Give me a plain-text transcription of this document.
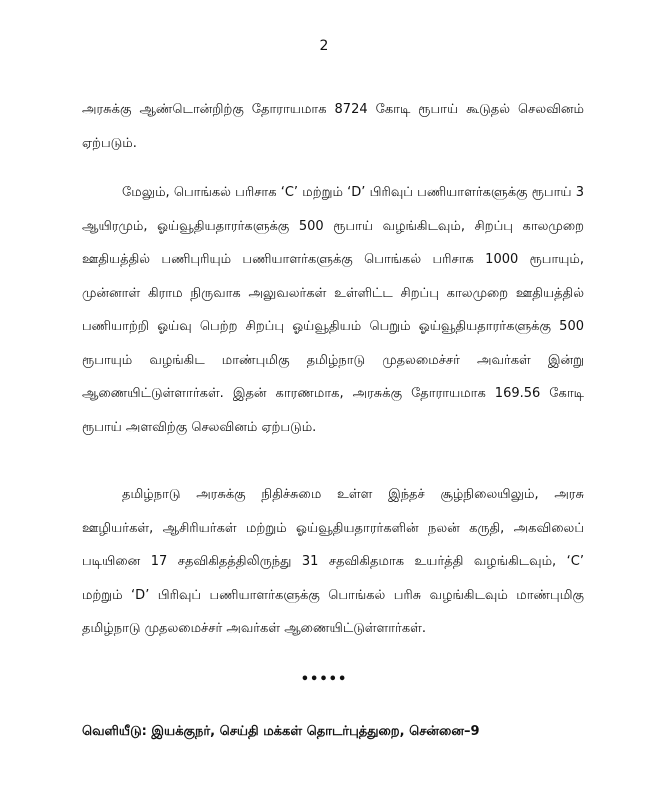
2

அரசுக்கு ஆண்டொன்றிற்கு தோராயமாக 8724 கோடி ரூபாய் கூடுதல் செலவினம் ஏற்படும்.

மேலும், பொங்கல் பரிசாக ‘C’ மற்றும் ‘D’ பிரிவுப் பணியாளர்களுக்கு ரூபாய் 3 ஆயிரமும், ஓய்வூதியதாரர்களுக்கு 500 ரூபாய் வழங்கிடவும், சிறப்பு காலமுறை ஊதியத்தில் பணிபுரியும் பணியாளர்களுக்கு பொங்கல் பரிசாக 1000 ரூபாயும், முன்னாள் கிராம நிருவாக அலுவலர்கள் உள்ளிட்ட சிறப்பு காலமுறை ஊதியத்தில் பணியாற்றி ஓய்வு பெற்ற சிறப்பு ஓய்வூதியம் பெறும் ஓய்வூதியதாரர்களுக்கு 500 ரூபாயும் வழங்கிட மாண்புமிகு தமிழ்நாடு முதலமைச்சர் அவர்கள் இன்று ஆணையிட்டுள்ளார்கள். இதன் காரணமாக, அரசுக்கு தோராயமாக 169.56 கோடி ரூபாய் அளவிற்கு செலவினம் ஏற்படும்.

தமிழ்நாடு அரசுக்கு நிதிச்சுமை உள்ள இந்தச் சூழ்நிலையிலும், அரசு ஊழியர்கள், ஆசிரியர்கள் மற்றும் ஓய்வூதியதாரர்களின் நலன் கருதி, அகவிலைப் படியினை 17 சதவிகிதத்திலிருந்து 31 சதவிகிதமாக உயர்த்தி வழங்கிடவும், ‘C’ மற்றும் ‘D’ பிரிவுப் பணியாளர்களுக்கு பொங்கல் பரிசு வழங்கிடவும் மாண்புமிகு தமிழ்நாடு முதலமைச்சர் அவர்கள் ஆணையிட்டுள்ளார்கள்.

•••••
வெளியீடு: இயக்குநர், செய்தி மக்கள் தொடர்புத்துறை, சென்னை–9
